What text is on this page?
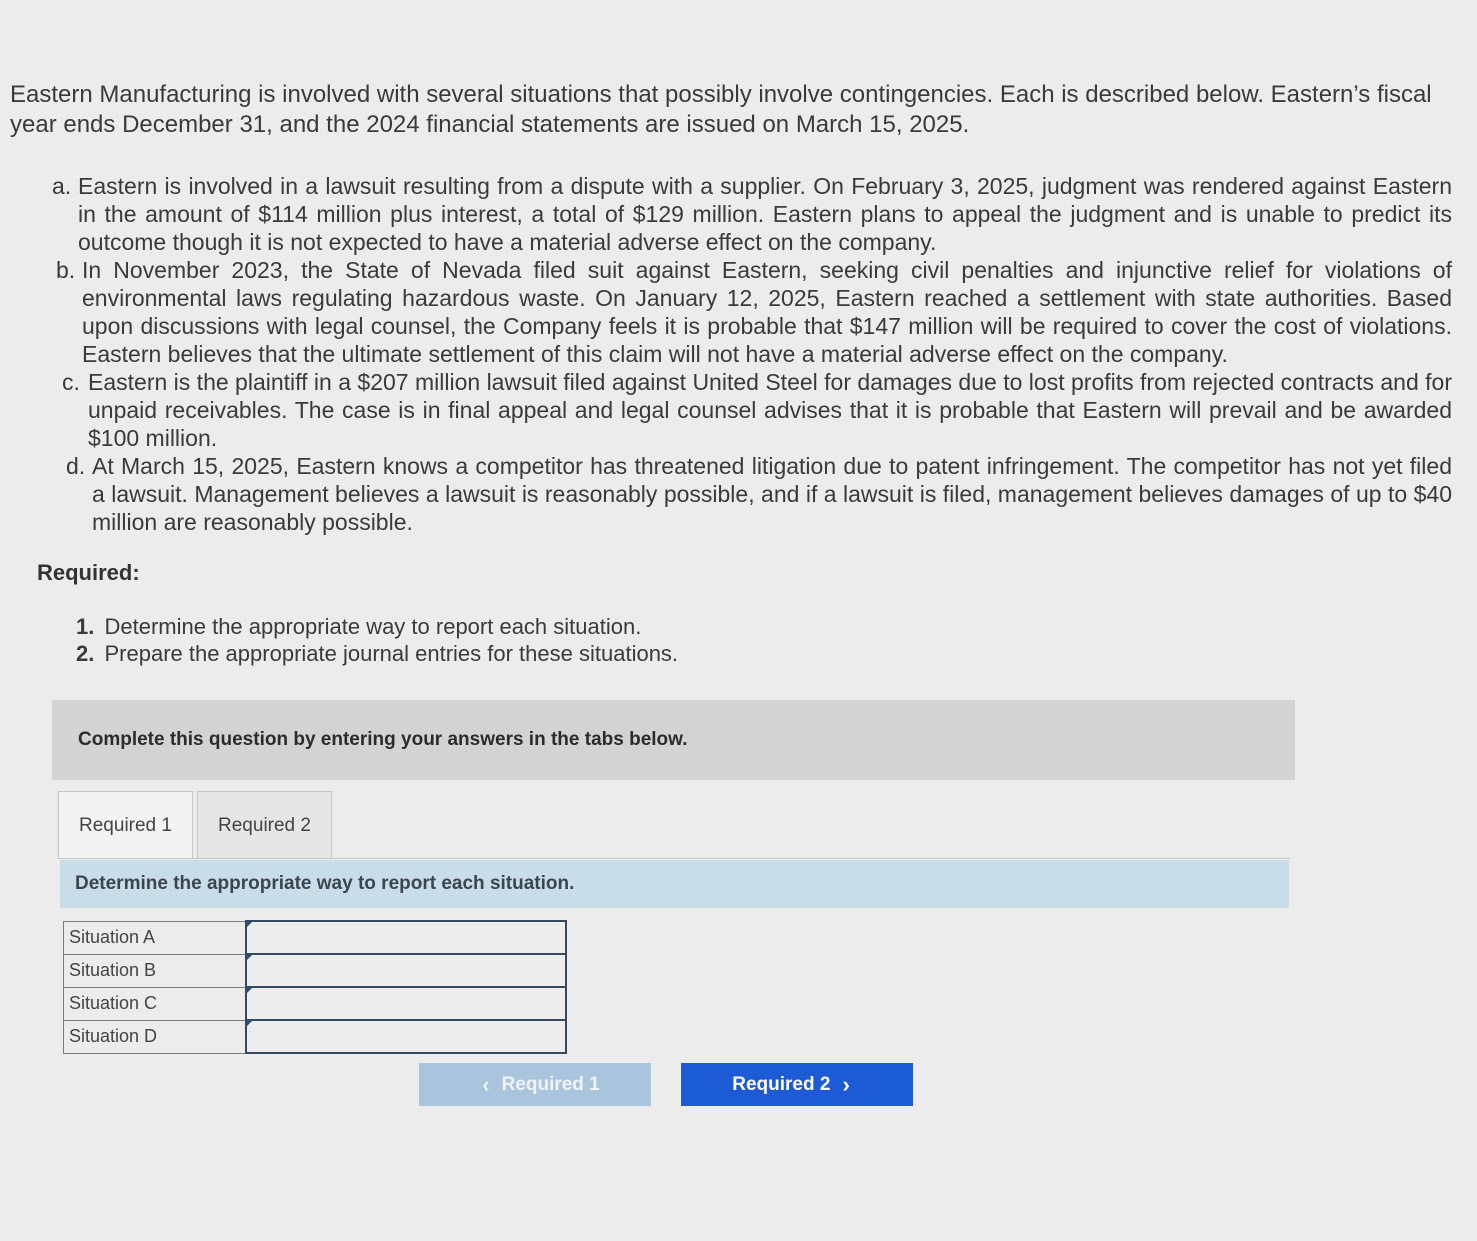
Eastern Manufacturing is involved with several situations that possibly involve contingencies. Each is described below. Eastern’s fiscal year ends December 31, and the 2024 financial statements are issued on March 15, 2025.

a. Eastern is involved in a lawsuit resulting from a dispute with a supplier. On February 3, 2025, judgment was rendered against Eastern in the amount of $114 million plus interest, a total of $129 million. Eastern plans to appeal the judgment and is unable to predict its outcome though it is not expected to have a material adverse effect on the company.
b. In November 2023, the State of Nevada filed suit against Eastern, seeking civil penalties and injunctive relief for violations of environmental laws regulating hazardous waste. On January 12, 2025, Eastern reached a settlement with state authorities. Based upon discussions with legal counsel, the Company feels it is probable that $147 million will be required to cover the cost of violations. Eastern believes that the ultimate settlement of this claim will not have a material adverse effect on the company.
c. Eastern is the plaintiff in a $207 million lawsuit filed against United Steel for damages due to lost profits from rejected contracts and for unpaid receivables. The case is in final appeal and legal counsel advises that it is probable that Eastern will prevail and be awarded $100 million.
d. At March 15, 2025, Eastern knows a competitor has threatened litigation due to patent infringement. The competitor has not yet filed a lawsuit. Management believes a lawsuit is reasonably possible, and if a lawsuit is filed, management believes damages of up to $40 million are reasonably possible.

Required:

1. Determine the appropriate way to report each situation.
2. Prepare the appropriate journal entries for these situations.
Complete this question by entering your answers in the tabs below.
Required 1 Required 2
Determine the appropriate way to report each situation.
Situation A	
Situation B	
Situation C	
Situation D	
‹ Required 1	Required 2 ›
